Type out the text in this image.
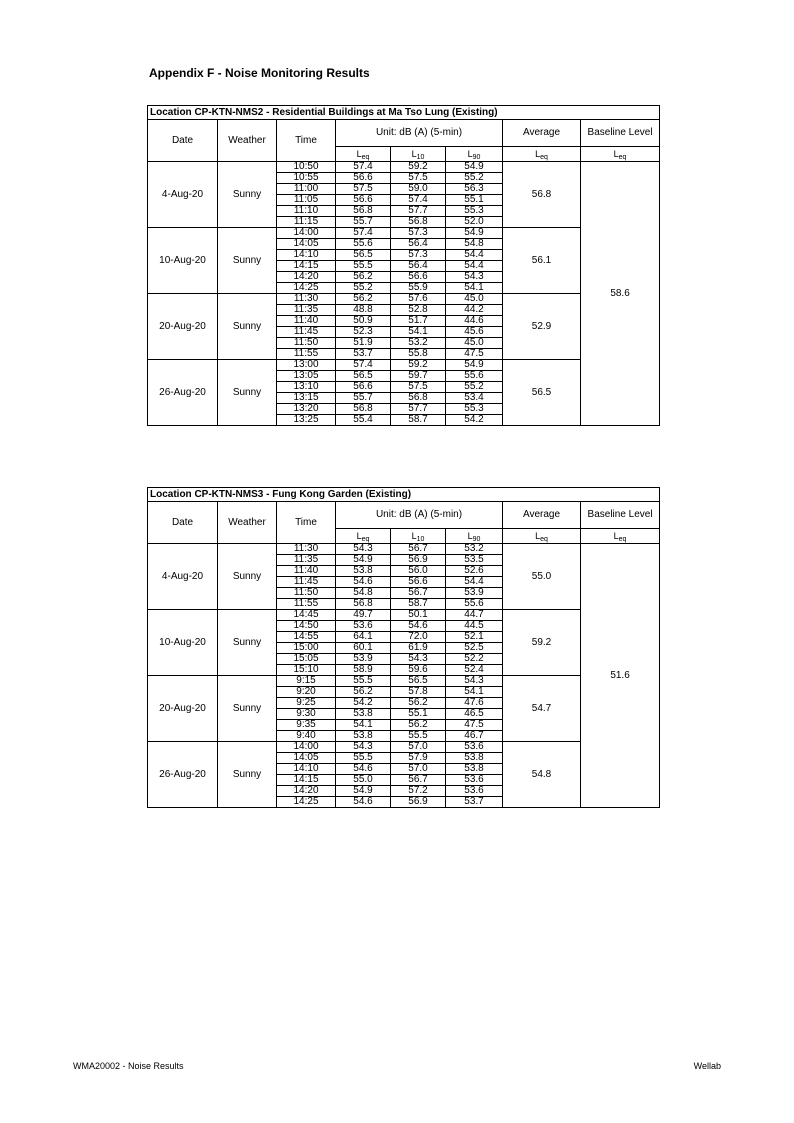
Appendix F - Noise Monitoring Results
Location CP-KTN-NMS2 - Residential Buildings at Ma Tso Lung (Existing)							
Date	Weather	Time	Unit: dB (A) (5-min)			Average	Baseline Level
			$L_{eq}$	$L_{10}$	$L_{90}$	$L_{eq}$	$L_{eq}$
4-Aug-20	Sunny	10:50	57.4	59.2	54.9	56.8	58.6
		10:55	56.6	57.5	55.2		
		11:00	57.5	59.0	56.3		
		11:05	56.6	57.4	55.1		
		11:10	56.8	57.7	55.3		
		11:15	55.7	56.8	52.0		
10-Aug-20	Sunny	14:00	57.4	57.3	54.9	56.1	
		14:05	55.6	56.4	54.8		
		14:10	56.5	57.3	54.4		
		14:15	55.5	56.4	54.4		
		14:20	56.2	56.6	54.3		
		14:25	55.2	55.9	54.1		
20-Aug-20	Sunny	11:30	56.2	57.6	45.0	52.9	
		11:35	48.8	52.8	44.2		
		11:40	50.9	51.7	44.6		
		11:45	52.3	54.1	45.6		
		11:50	51.9	53.2	45.0		
		11:55	53.7	55.8	47.5		
26-Aug-20	Sunny	13:00	57.4	59.2	54.9	56.5	
		13:05	56.5	59.7	55.6		
		13:10	56.6	57.5	55.2		
		13:15	55.7	56.8	53.4		
		13:20	56.8	57.7	55.3		
		13:25	55.4	58.7	54.2		
Location CP-KTN-NMS3 - Fung Kong Garden (Existing)							
Date	Weather	Time	Unit: dB (A) (5-min)			Average	Baseline Level
			$L_{eq}$	$L_{10}$	$L_{90}$	$L_{eq}$	$L_{eq}$
4-Aug-20	Sunny	11:30	54.3	56.7	53.2	55.0	51.6
		11:35	54.9	56.9	53.5		
		11:40	53.8	56.0	52.6		
		11:45	54.6	56.6	54.4		
		11:50	54.8	56.7	53.9		
		11:55	56.8	58.7	55.6		
10-Aug-20	Sunny	14:45	49.7	50.1	44.7	59.2	
		14:50	53.6	54.6	44.5		
		14:55	64.1	72.0	52.1		
		15:00	60.1	61.9	52.5		
		15:05	53.9	54.3	52.2		
		15:10	58.9	59.6	52.4		
20-Aug-20	Sunny	9:15	55.5	56.5	54.3	54.7	
		9:20	56.2	57.8	54.1		
		9:25	54.2	56.2	47.6		
		9:30	53.8	55.1	46.5		
		9:35	54.1	56.2	47.5		
		9:40	53.8	55.5	46.7		
26-Aug-20	Sunny	14:00	54.3	57.0	53.6	54.8	
		14:05	55.5	57.9	53.8		
		14:10	54.6	57.0	53.8		
		14:15	55.0	56.7	53.6		
		14:20	54.9	57.2	53.6		
		14:25	54.6	56.9	53.7		
WMA20002 - Noise Results	Wellab
